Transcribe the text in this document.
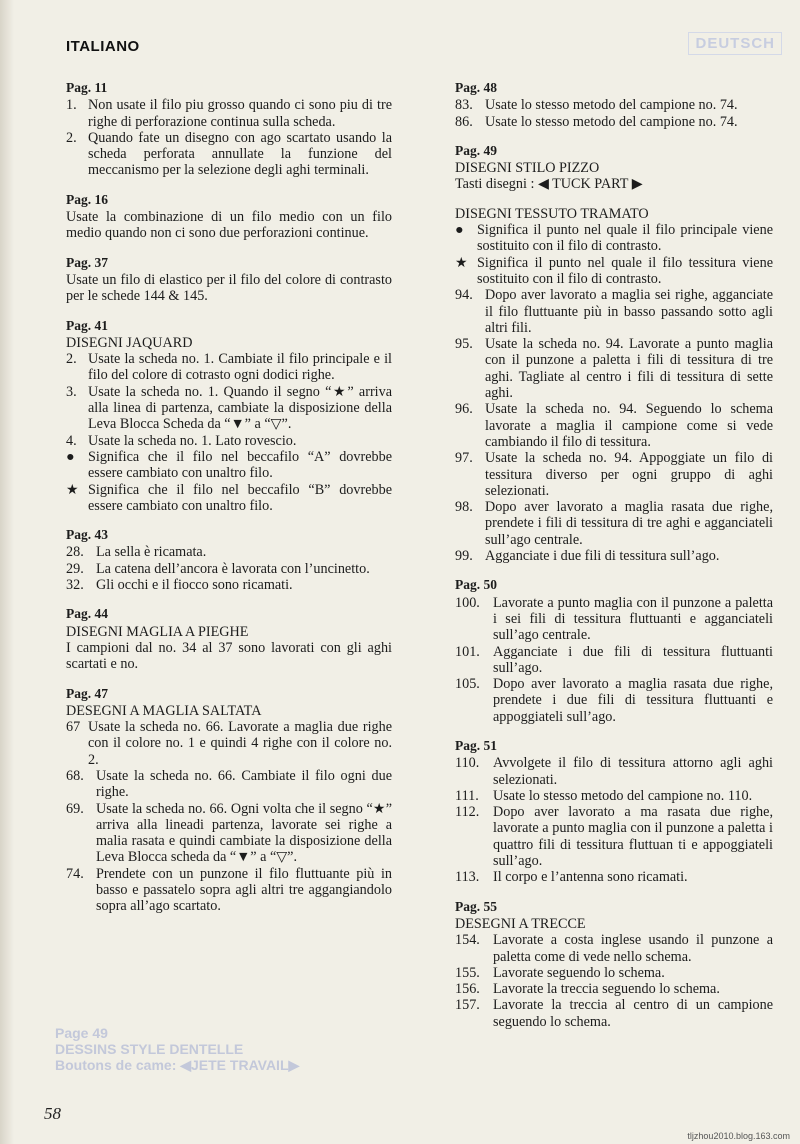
DEUTSCH
Page 49
DESSINS STYLE DENTELLE
Boutons de came: ◀JETE TRAVAIL▶
ITALIANO
Pag. 11
1. Non usate il filo piu grosso quando ci sono piu di tre righe di perforazione continua sulla scheda.
2. Quando fate un disegno con ago scartato usando la scheda perforata annullate la funzione del meccanismo per la selezione degli aghi terminali.
Pag. 16
Usate la combinazione di un filo medio con un filo medio quando non ci sono due perforazioni continue.
Pag. 37
Usate un filo di elastico per il filo del colore di contrasto per le schede 144 & 145.
Pag. 41
DISEGNI JAQUARD
2. Usate la scheda no. 1. Cambiate il filo principale e il filo del colore di cotrasto ogni dodici righe.
3. Usate la scheda no. 1. Quando il segno “★” arriva alla linea di partenza, cambiate la disposizione della Leva Blocca Scheda da “▼” a “▽”.
4. Usate la scheda no. 1. Lato rovescio.
● Significa che il filo nel beccafilo “A” dovrebbe essere cambiato con unaltro filo.
★ Significa che il filo nel beccafilo “B” dovrebbe essere cambiato con unaltro filo.
Pag. 43
28. La sella è ricamata.
29. La catena dell’ancora è lavorata con l’uncinetto.
32. Gli occhi e il fiocco sono ricamati.
Pag. 44
DISEGNI MAGLIA A PIEGHE
I campioni dal no. 34 al 37 sono lavorati con gli aghi scartati e no.
Pag. 47
DESEGNI A MAGLIA SALTATA
67 Usate la scheda no. 66. Lavorate a maglia due righe con il colore no. 1 e quindi 4 righe con il colore no. 2.
68. Usate la scheda no. 66. Cambiate il filo ogni due righe.
69. Usate la scheda no. 66. Ogni volta che il segno “★” arriva alla lineadi partenza, lavorate sei righe a malia rasata e quindi cambiate la disposizione della Leva Blocca scheda da “▼” a “▽”.
74. Prendete con un punzone il filo fluttuante più in basso e passatelo sopra agli altri tre aggangiandolo sopra all’ago scartato.
Pag. 48
83. Usate lo stesso metodo del campione no. 74.
86. Usate lo stesso metodo del campione no. 74.
Pag. 49
DISEGNI STILO PIZZO
Tasti disegni : ◀ TUCK PART ▶
DISEGNI TESSUTO TRAMATO
● Significa il punto nel quale il filo principale viene sostituito con il filo di contrasto.
★ Significa il punto nel quale il filo tessitura viene sostituito con il filo di contrasto.
94. Dopo aver lavorato a maglia sei righe, agganciate il filo fluttuante più in basso passando sotto agli altri fili.
95. Usate la scheda no. 94. Lavorate a punto maglia con il punzone a paletta i fili di tessitura di tre aghi. Tagliate al centro i fili di tessitura di sette aghi.
96. Usate la scheda no. 94. Seguendo lo schema lavorate a maglia il campione come si vede cambiando il filo di tessitura.
97. Usate la scheda no. 94. Appoggiate un filo di tessitura diverso per ogni gruppo di aghi selezionati.
98. Dopo aver lavorato a maglia rasata due righe, prendete i fili di tessitura di tre aghi e agganciateli sull’ago centrale.
99. Agganciate i due fili di tessitura sull’ago.
Pag. 50
100. Lavorate a punto maglia con il punzone a paletta i sei fili di tessitura fluttuanti e agganciateli sull’ago centrale.
101. Agganciate i due fili di tessitura fluttuanti sull’ago.
105. Dopo aver lavorato a maglia rasata due righe, prendete i due fili di tessitura fluttuanti e appoggiateli sull’ago.
Pag. 51
110. Avvolgete il filo di tessitura attorno agli aghi selezionati.
111.	Usate lo stesso metodo del campione no. 110.
112. Dopo aver lavorato a ma rasata due righe, lavorate a punto maglia con il punzone a paletta i quattro fili di tessitura fluttuan ti e appoggiateli sull’ago.
113. Il corpo e l’antenna sono ricamati.
Pag. 55
DESEGNI A TRECCE
154. Lavorate a costa inglese usando il punzone a paletta come di vede nello schema.
155. Lavorate seguendo lo schema.
156. Lavorate la treccia seguendo lo schema.
157. Lavorate la treccia al centro di un campione seguendo lo schema.
58
tljzhou2010.blog.163.com
